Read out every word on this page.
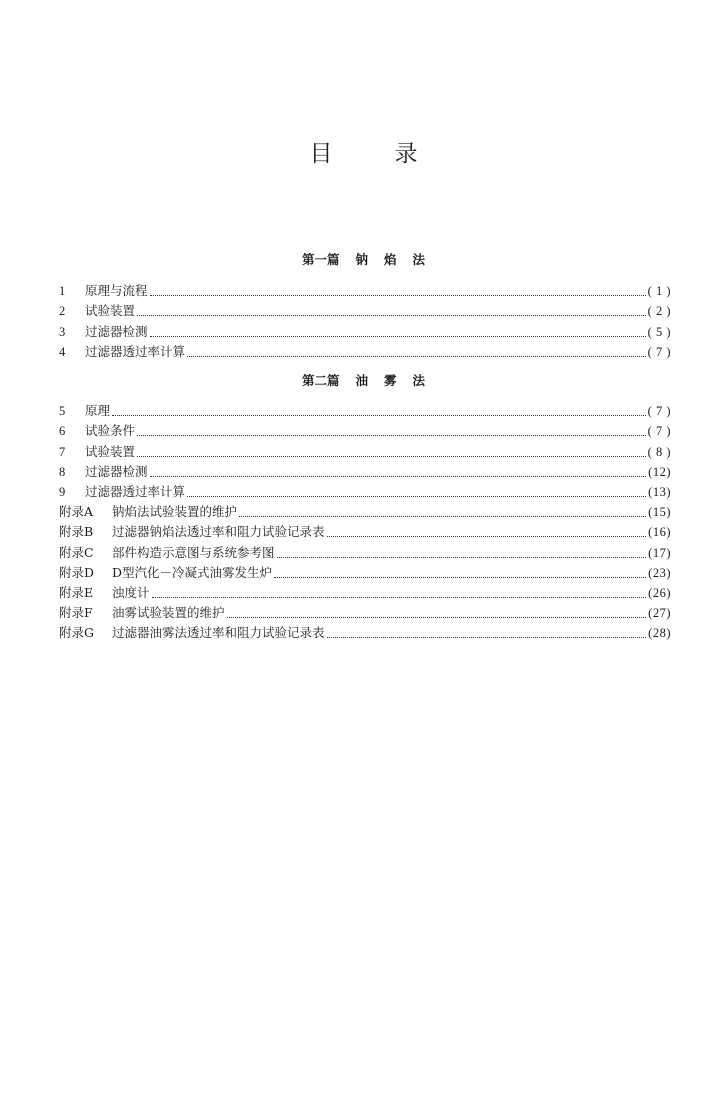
目	录
第一篇 钠 焰 法
1	原理与流程	( 1 )
2	试验装置	( 2 )
3	过滤器检测	( 5 )
4	过滤器透过率计算	( 7 )
第二篇 油 雾 法
5	原理	( 7 )
6	试验条件	( 7 )
7	试验装置	( 8 )
8	过滤器检测	(12)
9	过滤器透过率计算	(13)
附录A	钠焰法试验装置的维护	(15)
附录B	过滤器钠焰法透过率和阻力试验记录表	(16)
附录C	部件构造示意图与系统参考图	(17)
附录D	D型汽化－冷凝式油雾发生炉	(23)
附录E	浊度计	(26)
附录F	油雾试验装置的维护	(27)
附录G	过滤器油雾法透过率和阻力试验记录表	(28)
